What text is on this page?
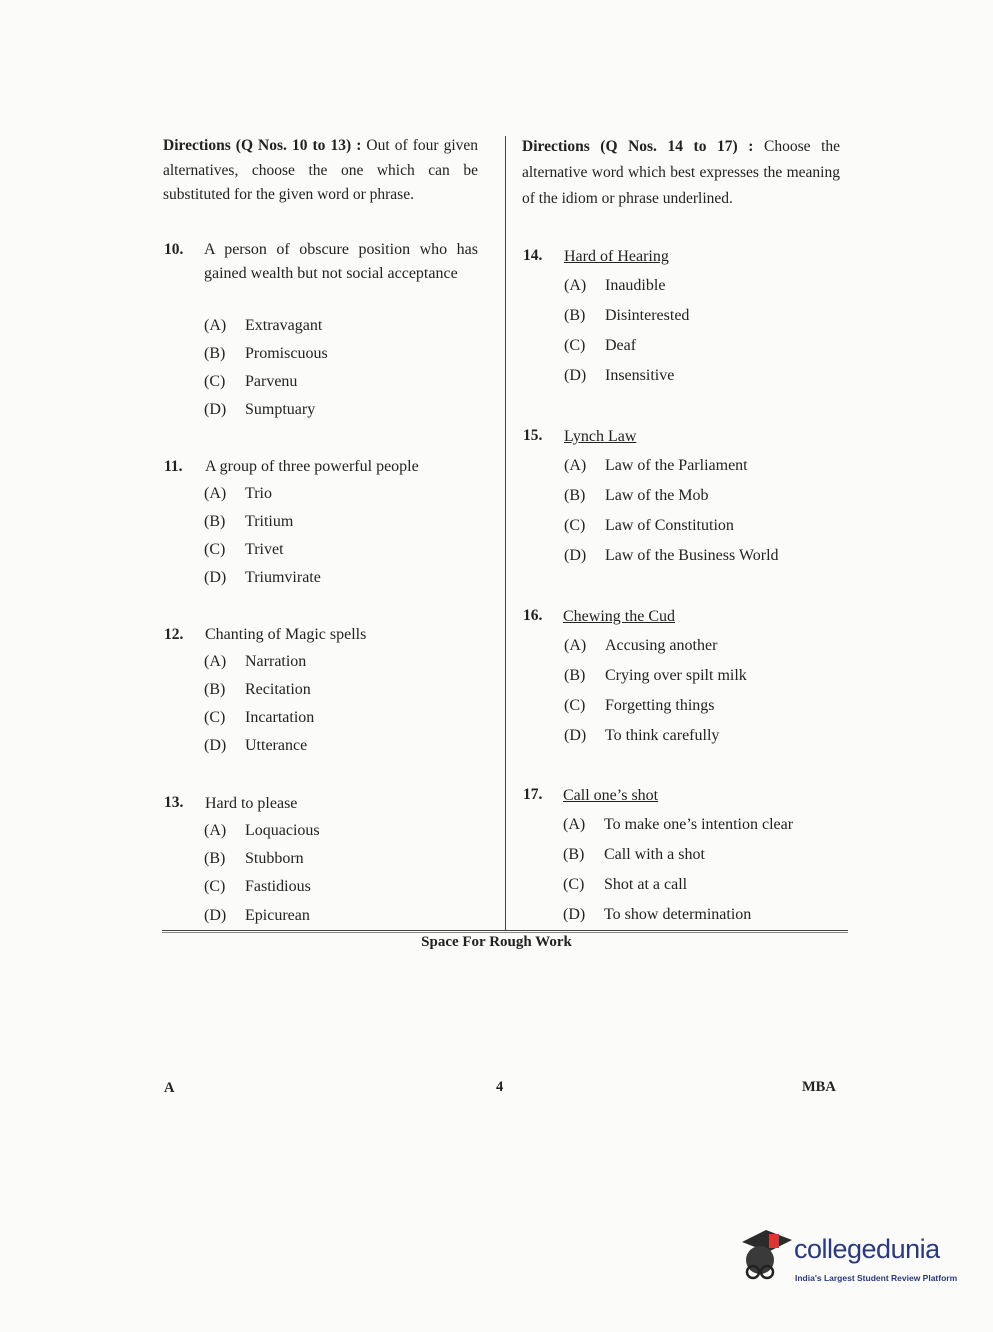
Directions (Q Nos. 10 to 13) : Out of four given alternatives, choose the one which can be substituted for the given word or phrase.
Directions (Q Nos. 14 to 17) : Choose the alternative word which best expresses the meaning of the idiom or phrase underlined.
10. A person of obscure position who has gained wealth but not social acceptance
(A) Extravagant
(B) Promiscuous
(C) Parvenu
(D) Sumptuary
11. A group of three powerful people
(A) Trio
(B) Tritium
(C) Trivet
(D) Triumvirate
12. Chanting of Magic spells
(A) Narration
(B) Recitation
(C) Incartation
(D) Utterance
13. Hard to please
(A) Loquacious
(B) Stubborn
(C) Fastidious
(D) Epicurean
14. Hard of Hearing
(A) Inaudible
(B) Disinterested
(C) Deaf
(D) Insensitive
15. Lynch Law
(A) Law of the Parliament
(B) Law of the Mob
(C) Law of Constitution
(D) Law of the Business World
16. Chewing the Cud
(A) Accusing another
(B) Crying over spilt milk
(C) Forgetting things
(D) To think carefully
17. Call one’s shot
(A) To make one’s intention clear
(B) Call with a shot
(C) Shot at a call
(D) To show determination
Space For Rough Work
A	4	MBA
collegedunia
India's Largest Student Review Platform
